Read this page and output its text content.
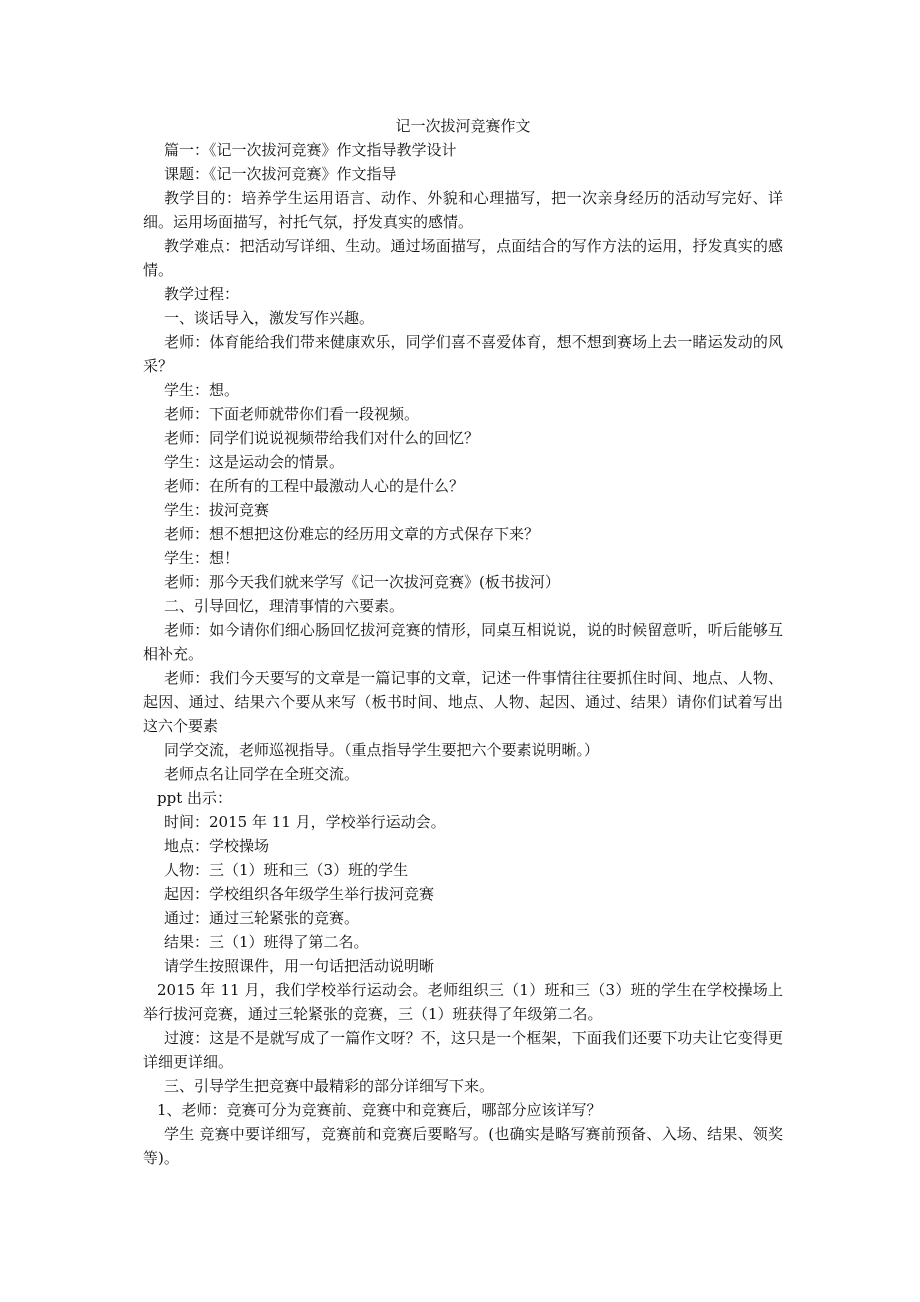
记一次拔河竞赛作文

篇一：《记一次拔河竞赛》作文指导教学设计

课题：《记一次拔河竞赛》作文指导

教学目的：培养学生运用语言、动作、外貌和心理描写，把一次亲身经历的活动写完好、详细。运用场面描写，衬托气氛，抒发真实的感情。

教学难点：把活动写详细、生动。通过场面描写，点面结合的写作方法的运用，抒发真实的感情。

教学过程：

一、谈话导入，激发写作兴趣。

老师：体育能给我们带来健康欢乐，同学们喜不喜爱体育，想不想到赛场上去一睹运发动的风采？

学生：想。

老师：下面老师就带你们看一段视频。

老师：同学们说说视频带给我们对什么的回忆？

学生：这是运动会的情景。

老师：在所有的工程中最激动人心的是什么？

学生：拔河竞赛

老师：想不想把这份难忘的经历用文章的方式保存下来？

学生：想！

老师：那今天我们就来学写《记一次拔河竞赛》(板书拔河）

二、引导回忆，理清事情的六要素。

老师：如今请你们细心肠回忆拔河竞赛的情形，同桌互相说说，说的时候留意听，听后能够互相补充。

老师：我们今天要写的文章是一篇记事的文章，记述一件事情往往要抓住时间、地点、人物、起因、通过、结果六个要从来写（板书时间、地点、人物、起因、通过、结果）请你们试着写出这六个要素

同学交流，老师巡视指导。（重点指导学生要把六个要素说明晰。）

老师点名让同学在全班交流。

ppt 出示：

时间：2015 年 11 月，学校举行运动会。

地点：学校操场

人物：三（1）班和三（3）班的学生

起因：学校组织各年级学生举行拔河竞赛

通过：通过三轮紧张的竞赛。

结果：三（1）班得了第二名。

请学生按照课件，用一句话把活动说明晰

2015 年 11 月，我们学校举行运动会。老师组织三（1）班和三（3）班的学生在学校操场上举行拔河竞赛，通过三轮紧张的竞赛，三（1）班获得了年级第二名。

过渡：这是不是就写成了一篇作文呀？不，这只是一个框架，下面我们还要下功夫让它变得更详细更详细。

三、引导学生把竞赛中最精彩的部分详细写下来。

1、老师：竞赛可分为竞赛前、竞赛中和竞赛后，哪部分应该详写？

学生 竞赛中要详细写，竞赛前和竞赛后要略写。(也确实是略写赛前预备、入场、结果、领奖等)。
